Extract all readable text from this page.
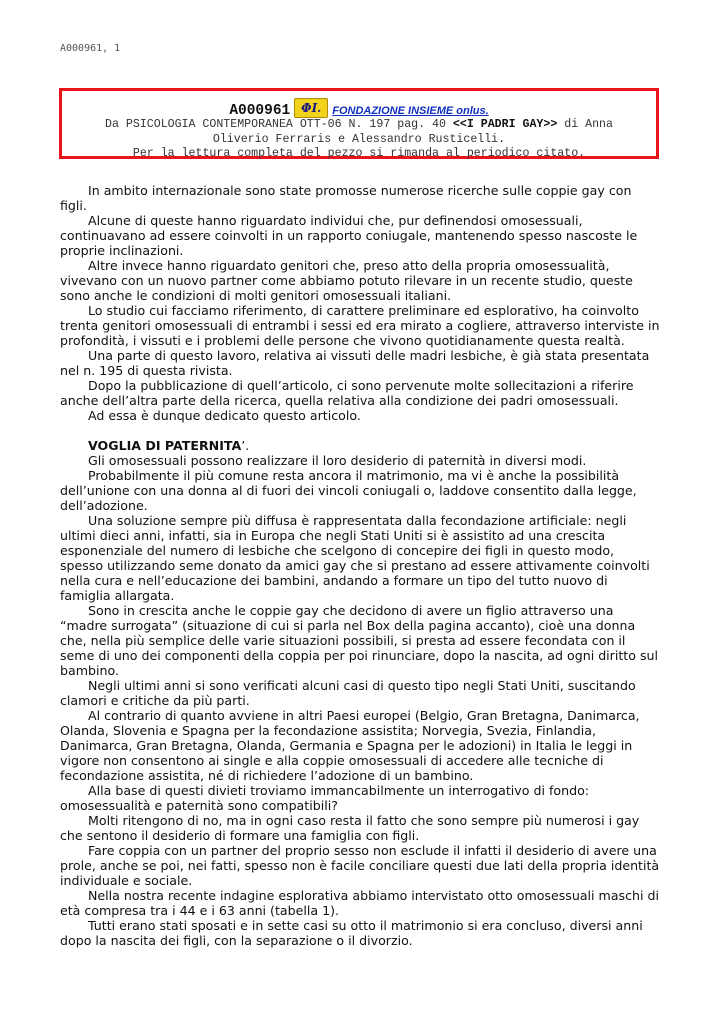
A000961, 1
A000961 ΦI. FONDAZIONE INSIEME onlus.
Da PSICOLOGIA CONTEMPORANEA OTT-06 N. 197 pag. 40 <<I PADRI GAY>> di Anna
Oliverio Ferraris e Alessandro Rusticelli.
Per la lettura completa del pezzo si rimanda al periodico citato.

In ambito internazionale sono state promosse numerose ricerche sulle coppie gay con figli.

Alcune di queste hanno riguardato individui che, pur definendosi omosessuali, continuavano ad essere coinvolti in un rapporto coniugale, mantenendo spesso nascoste le proprie inclinazioni.

Altre invece hanno riguardato genitori che, preso atto della propria omosessualità, vivevano con un nuovo partner come abbiamo potuto rilevare in un recente studio, queste sono anche le condizioni di molti genitori omosessuali italiani.

Lo studio cui facciamo riferimento, di carattere preliminare ed esplorativo, ha coinvolto trenta genitori omosessuali di entrambi i sessi ed era mirato a cogliere, attraverso interviste in profondità, i vissuti e i problemi delle persone che vivono quotidianamente questa realtà.

Una parte di questo lavoro, relativa ai vissuti delle madri lesbiche, è già stata presentata nel n. 195 di questa rivista.

Dopo la pubblicazione di quell’articolo, ci sono pervenute molte sollecitazioni a riferire anche dell’altra parte della ricerca, quella relativa alla condizione dei padri omosessuali.

Ad essa è dunque dedicato questo articolo.

VOGLIA DI PATERNITA’.

Gli omosessuali possono realizzare il loro desiderio di paternità in diversi modi.

Probabilmente il più comune resta ancora il matrimonio, ma vi è anche la possibilità dell’unione con una donna al di fuori dei vincoli coniugali o, laddove consentito dalla legge, dell’adozione.

Una soluzione sempre più diffusa è rappresentata dalla fecondazione artificiale: negli ultimi dieci anni, infatti, sia in Europa che negli Stati Uniti si è assistito ad una crescita esponenziale del numero di lesbiche che scelgono di concepire dei figli in questo modo, spesso utilizzando seme donato da amici gay che si prestano ad essere attivamente coinvolti nella cura e nell’educazione dei bambini, andando a formare un tipo del tutto nuovo di famiglia allargata.

Sono in crescita anche le coppie gay che decidono di avere un figlio attraverso una “madre surrogata” (situazione di cui si parla nel Box della pagina accanto), cioè una donna che, nella più semplice delle varie situazioni possibili, si presta ad essere fecondata con il seme di uno dei componenti della coppia per poi rinunciare, dopo la nascita, ad ogni diritto sul bambino.

Negli ultimi anni si sono verificati alcuni casi di questo tipo negli Stati Uniti, suscitando clamori e critiche da più parti.

Al contrario di quanto avviene in altri Paesi europei (Belgio, Gran Bretagna, Danimarca, Olanda, Slovenia e Spagna per la fecondazione assistita; Norvegia, Svezia, Finlandia, Danimarca, Gran Bretagna, Olanda, Germania e Spagna per le adozioni) in Italia le leggi in vigore non consentono ai single e alla coppie omosessuali di accedere alle tecniche di fecondazione assistita, né di richiedere l’adozione di un bambino.

Alla base di questi divieti troviamo immancabilmente un interrogativo di fondo: omosessualità e paternità sono compatibili?

Molti ritengono di no, ma in ogni caso resta il fatto che sono sempre più numerosi i gay che sentono il desiderio di formare una famiglia con figli.

Fare coppia con un partner del proprio sesso non esclude il infatti il desiderio di avere una prole, anche se poi, nei fatti, spesso non è facile conciliare questi due lati della propria identità individuale e sociale.

Nella nostra recente indagine esplorativa abbiamo intervistato otto omosessuali maschi di età compresa tra i 44 e i 63 anni (tabella 1).

Tutti erano stati sposati e in sette casi su otto il matrimonio si era concluso, diversi anni dopo la nascita dei figli, con la separazione o il divorzio.
